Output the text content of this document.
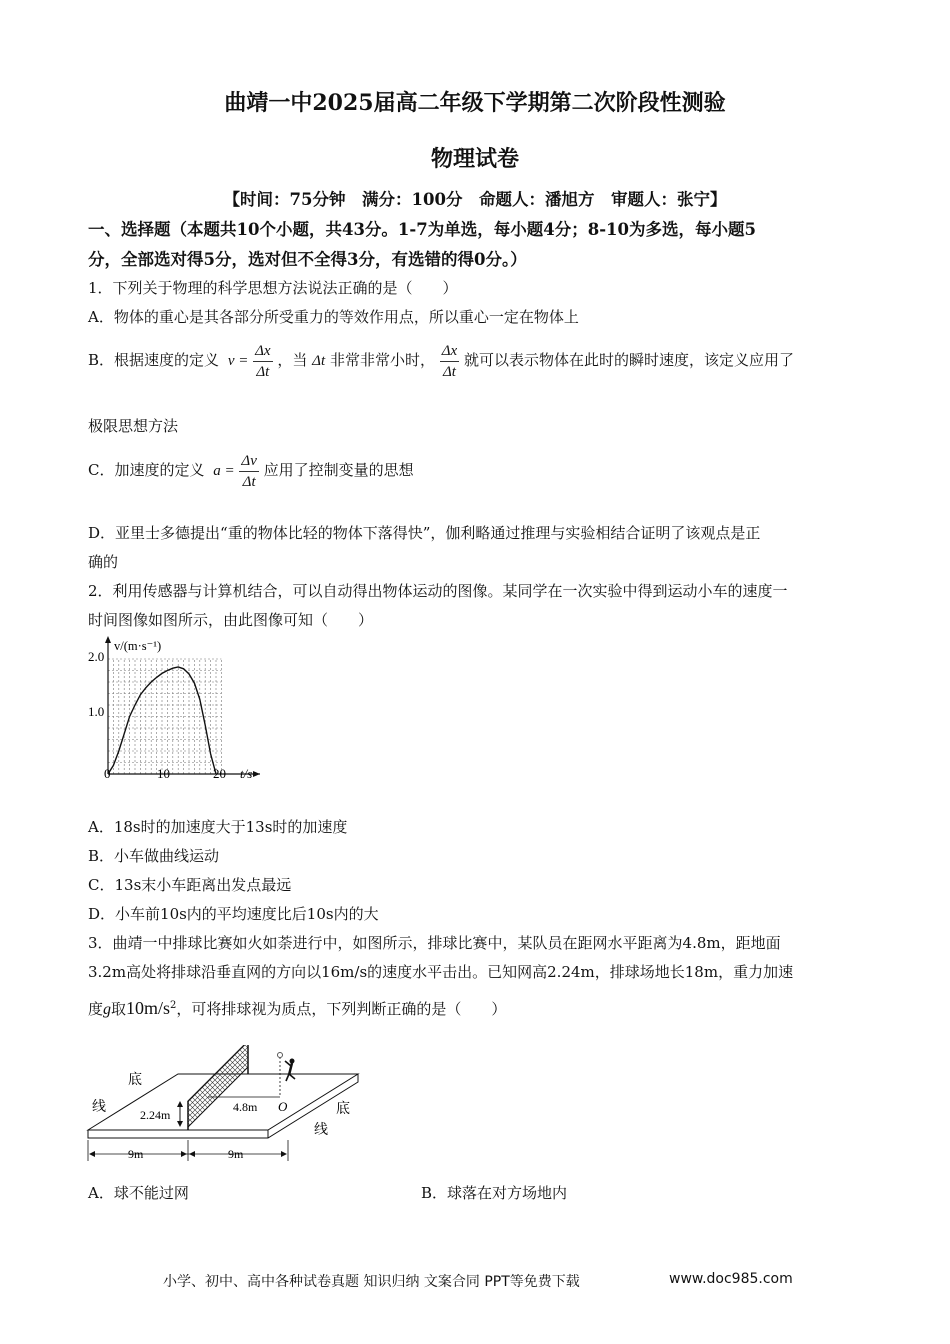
曲靖一中2025届高二年级下学期第二次阶段性测验
物理试卷
【时间：75分钟　满分：100分　命题人：潘旭方　审题人：张宁】
一、选择题（本题共10个小题，共43分。1-7为单选，每小题4分；8-10为多选，每小题5
分，全部选对得5分，选对但不全得3分，有选错的得0分。）
1．下列关于物理的科学思想方法说法正确的是（　　）
A．物体的重心是其各部分所受重力的等效作用点，所以重心一定在物体上
B．根据速度的定义 $v = \frac{\Delta x}{\Delta t}$ ，当 Δt 非常非常小时， $\frac{\Delta x}{\Delta t}$ 就可以表示物体在此时的瞬时速度，该定义应用了
极限思想方法
C．加速度的定义 $a = \frac{\Delta v}{\Delta t}$ 应用了控制变量的思想
D．亚里士多德提出“重的物体比轻的物体下落得快”，伽利略通过推理与实验相结合证明了该观点是正
确的
2．利用传感器与计算机结合，可以自动得出物体运动的图像。某同学在一次实验中得到运动小车的速度一
时间图像如图所示，由此图像可知（　　）
v/(m·s⁻¹)
t/s
2.0
1.0
0	10	20
A．18s时的加速度大于13s时的加速度
B．小车做曲线运动
C．13s末小车距离出发点最远
D．小车前10s内的平均速度比后10s内的大
3．曲靖一中排球比赛如火如荼进行中，如图所示，排球比赛中，某队员在距网水平距离为4.8m，距地面
3.2m高处将排球沿垂直网的方向以16m/s的速度水平击出。已知网高2.24m，排球场地长18m，重力加速
度g取$10m/s^2$，可将排球视为质点，下列判断正确的是（　　）
2.24m
4.8m O
底
线	底
线
9m	9m
A．球不能过网	B．球落在对方场地内
小学、初中、高中各种试卷真题 知识归纳 文案合同 PPT等免费下载	www.doc985.com
